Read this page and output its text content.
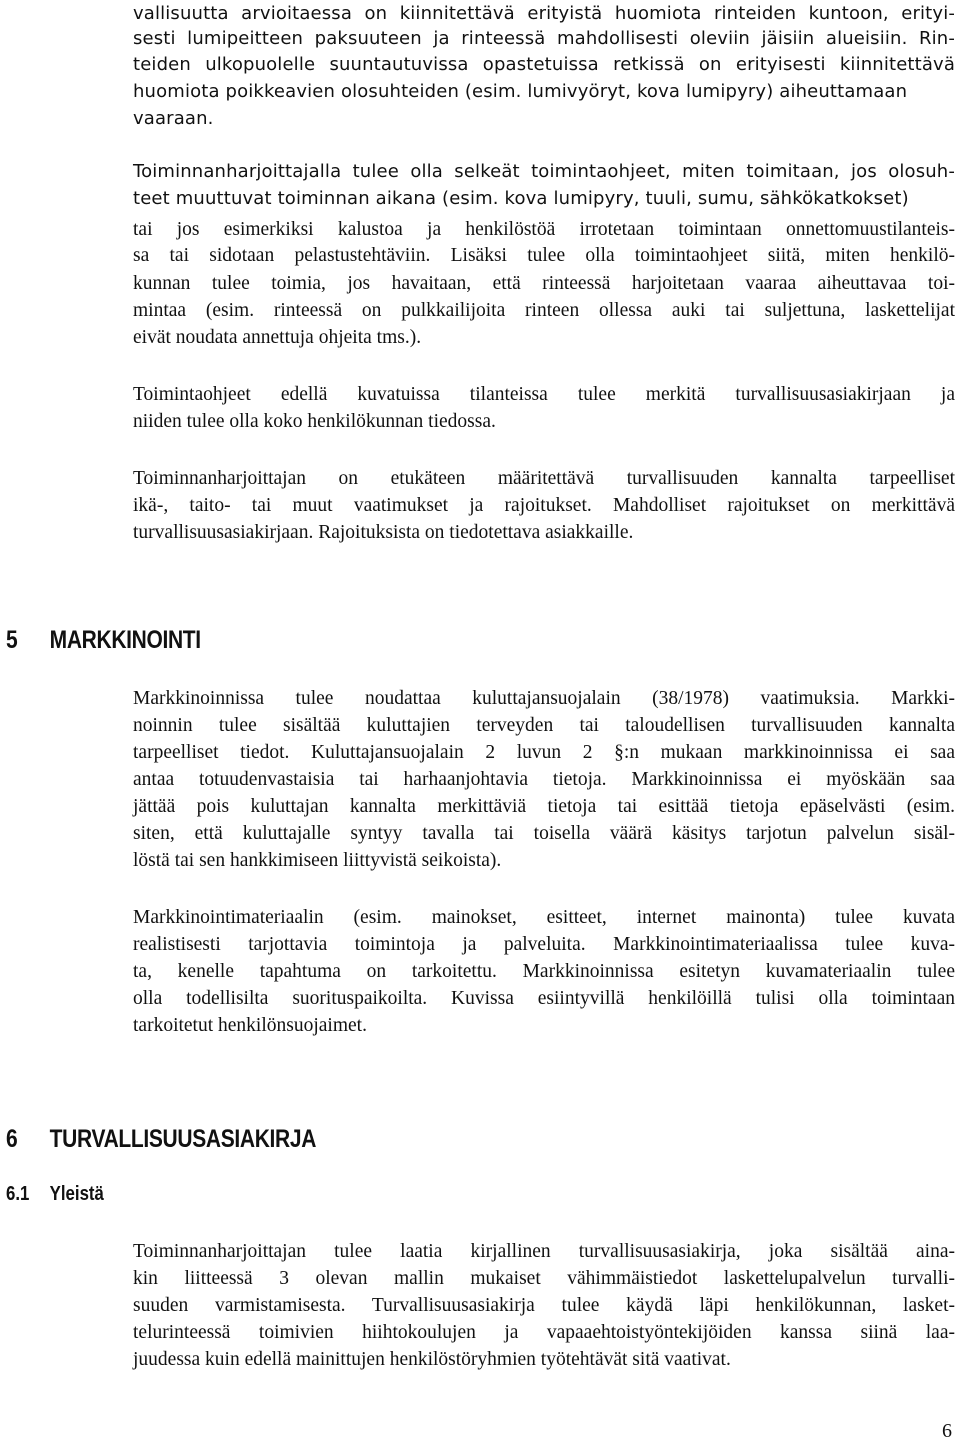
vallisuutta arvioitaessa on kiinnitettävä erityistä huomiota rinteiden kuntoon, erityi-
sesti lumipeitteen paksuuteen ja rinteessä mahdollisesti oleviin jäisiin alueisiin. Rin-
teiden ulkopuolelle suuntautuvissa opastetuissa retkissä on erityisesti kiinnitettävä
huomiota poikkeavien olosuhteiden (esim. lumivyöryt, kova lumipyry) aiheuttamaan
vaaraan.
Toiminnanharjoittajalla tulee olla selkeät toimintaohjeet, miten toimitaan, jos olosuh-
teet muuttuvat toiminnan aikana (esim. kova lumipyry, tuuli, sumu, sähkökatkokset)
tai jos esimerkiksi kalustoa ja henkilöstöä irrotetaan toimintaan onnettomuustilanteis-
sa tai sidotaan pelastustehtäviin. Lisäksi tulee olla toimintaohjeet siitä, miten henkilö-
kunnan tulee toimia, jos havaitaan, että rinteessä harjoitetaan vaaraa aiheuttavaa toi-
mintaa (esim. rinteessä on pulkkailijoita rinteen ollessa auki tai suljettuna, laskettelijat
eivät noudata annettuja ohjeita tms.).
Toimintaohjeet edellä kuvatuissa tilanteissa tulee merkitä turvallisuusasiakirjaan ja
niiden tulee olla koko henkilökunnan tiedossa.
Toiminnanharjoittajan on etukäteen määritettävä turvallisuuden kannalta tarpeelliset
ikä-, taito- tai muut vaatimukset ja rajoitukset. Mahdolliset rajoitukset on merkittävä
turvallisuusasiakirjaan. Rajoituksista on tiedotettava asiakkaille.
5 MARKKINOINTI
Markkinoinnissa tulee noudattaa kuluttajansuojalain (38/1978) vaatimuksia. Markki-
noinnin tulee sisältää kuluttajien terveyden tai taloudellisen turvallisuuden kannalta
tarpeelliset tiedot. Kuluttajansuojalain 2 luvun 2 §:n mukaan markkinoinnissa ei saa
antaa totuudenvastaisia tai harhaanjohtavia tietoja. Markkinoinnissa ei myöskään saa
jättää pois kuluttajan kannalta merkittäviä tietoja tai esittää tietoja epäselvästi (esim.
siten, että kuluttajalle syntyy tavalla tai toisella väärä käsitys tarjotun palvelun sisäl-
löstä tai sen hankkimiseen liittyvistä seikoista).
Markkinointimateriaalin (esim. mainokset, esitteet, internet mainonta) tulee kuvata
realistisesti tarjottavia toimintoja ja palveluita. Markkinointimateriaalissa tulee kuva-
ta, kenelle tapahtuma on tarkoitettu. Markkinoinnissa esitetyn kuvamateriaalin tulee
olla todellisilta suorituspaikoilta. Kuvissa esiintyvillä henkilöillä tulisi olla toimintaan
tarkoitetut henkilönsuojaimet.
6 TURVALLISUUSASIAKIRJA
6.1 Yleistä
Toiminnanharjoittajan tulee laatia kirjallinen turvallisuusasiakirja, joka sisältää aina-
kin liitteessä 3 olevan mallin mukaiset vähimmäistiedot laskettelupalvelun turvalli-
suuden varmistamisesta. Turvallisuusasiakirja tulee käydä läpi henkilökunnan, lasket-
telurinteessä toimivien hiihtokoulujen ja vapaaehtoistyöntekijöiden kanssa siinä laa-
juudessa kuin edellä mainittujen henkilöstöryhmien työtehtävät sitä vaativat.
6
